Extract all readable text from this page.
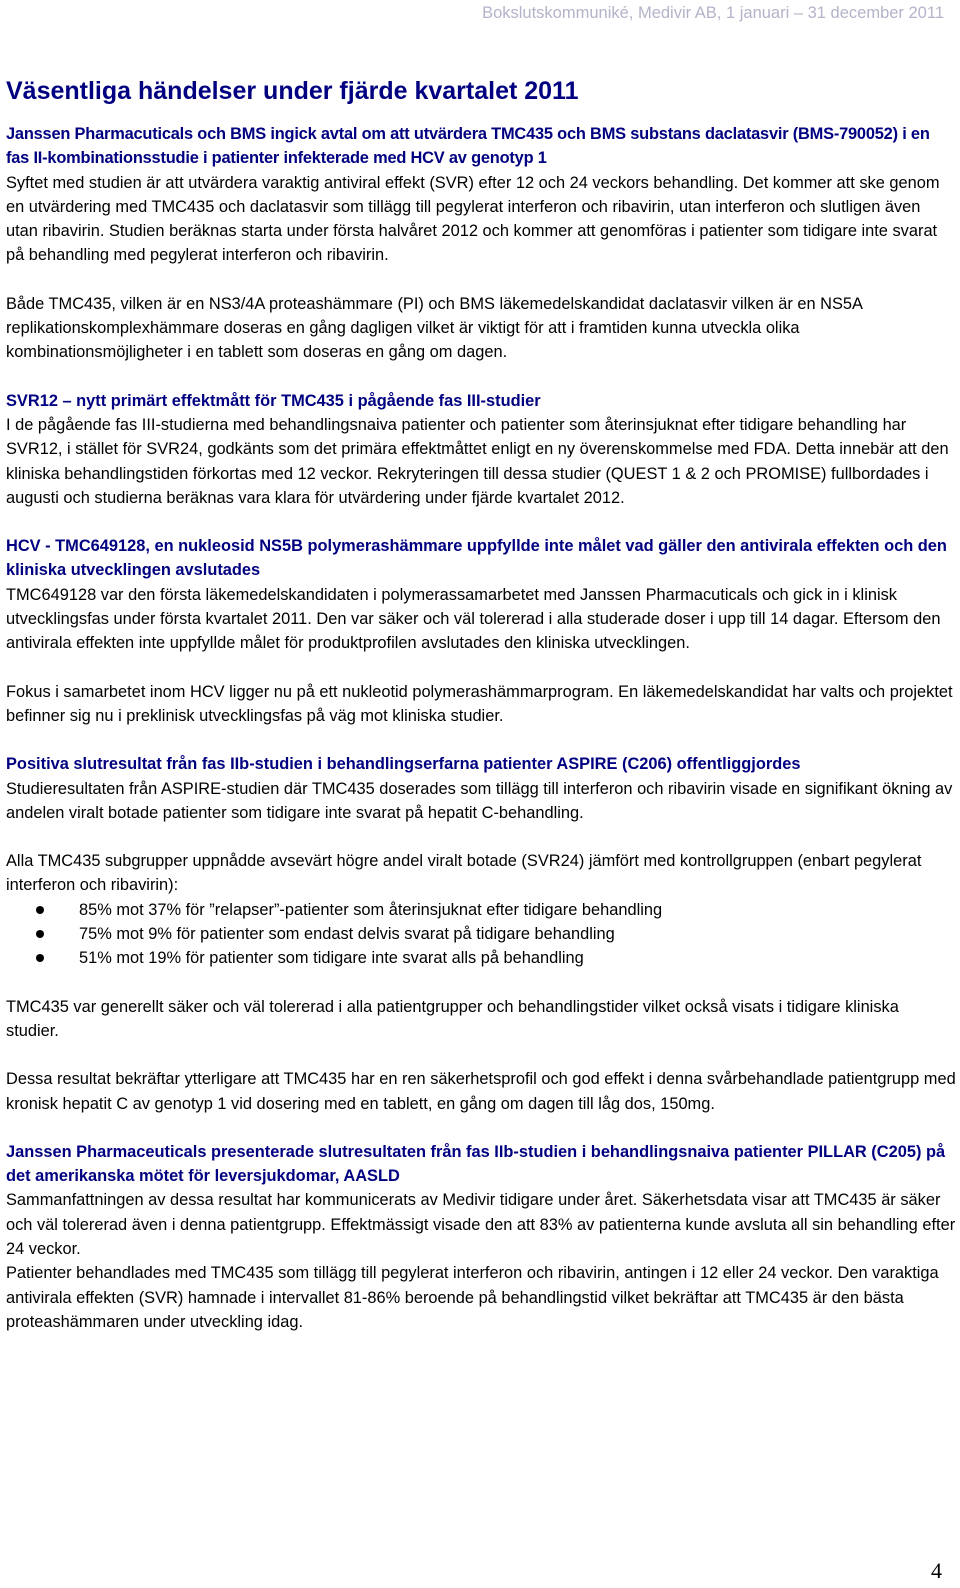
Bokslutskommuniké, Medivir AB, 1 januari – 31 december 2011
Väsentliga händelser under fjärde kvartalet 2011
Janssen Pharmacuticals och BMS ingick avtal om att utvärdera TMC435 och BMS substans daclatasvir (BMS-790052) i en fas II-kombinationsstudie i patienter infekterade med HCV av genotyp 1

Syftet med studien är att utvärdera varaktig antiviral effekt (SVR) efter 12 och 24 veckors behandling. Det kommer att ske genom en utvärdering med TMC435 och daclatasvir som tillägg till pegylerat interferon och ribavirin, utan interferon och slutligen även utan ribavirin. Studien beräknas starta under första halvåret 2012 och kommer att genomföras i patienter som tidigare inte svarat på behandling med pegylerat interferon och ribavirin.

Både TMC435, vilken är en NS3/4A proteashämmare (PI) och BMS läkemedelskandidat daclatasvir vilken är en NS5A replikationskomplexhämmare doseras en gång dagligen vilket är viktigt för att i framtiden kunna utveckla olika kombinationsmöjligheter i en tablett som doseras en gång om dagen.

SVR12 – nytt primärt effektmått för TMC435 i pågående fas III-studier

I de pågående fas III-studierna med behandlingsnaiva patienter och patienter som återinsjuknat efter tidigare behandling har SVR12, i stället för SVR24, godkänts som det primära effektmåttet enligt en ny överenskommelse med FDA. Detta innebär att den kliniska behandlingstiden förkortas med 12 veckor. Rekryteringen till dessa studier (QUEST 1 & 2 och PROMISE) fullbordades i augusti och studierna beräknas vara klara för utvärdering under fjärde kvartalet 2012.

HCV - TMC649128, en nukleosid NS5B polymerashämmare uppfyllde inte målet vad gäller den antivirala effekten och den kliniska utvecklingen avslutades

TMC649128 var den första läkemedelskandidaten i polymerassamarbetet med Janssen Pharmacuticals och gick in i klinisk utvecklingsfas under första kvartalet 2011. Den var säker och väl tolererad i alla studerade doser i upp till 14 dagar. Eftersom den antivirala effekten inte uppfyllde målet för produktprofilen avslutades den kliniska utvecklingen.

Fokus i samarbetet inom HCV ligger nu på ett nukleotid polymerashämmarprogram. En läkemedelskandidat har valts och projektet befinner sig nu i preklinisk utvecklingsfas på väg mot kliniska studier.

Positiva slutresultat från fas IIb-studien i behandlingserfarna patienter ASPIRE (C206) offentliggjordes

Studieresultaten från ASPIRE-studien där TMC435 doserades som tillägg till interferon och ribavirin visade en signifikant ökning av andelen viralt botade patienter som tidigare inte svarat på hepatit C-behandling.

Alla TMC435 subgrupper uppnådde avsevärt högre andel viralt botade (SVR24) jämfört med kontrollgruppen (enbart pegylerat interferon och ribavirin):

85% mot 37% för ”relapser”-patienter som återinsjuknat efter tidigare behandling
75% mot 9% för patienter som endast delvis svarat på tidigare behandling
51% mot 19% för patienter som tidigare inte svarat alls på behandling

TMC435 var generellt säker och väl tolererad i alla patientgrupper och behandlingstider vilket också visats i tidigare kliniska studier.

Dessa resultat bekräftar ytterligare att TMC435 har en ren säkerhetsprofil och god effekt i denna svårbehandlade patientgrupp med kronisk hepatit C av genotyp 1 vid dosering med en tablett, en gång om dagen till låg dos, 150mg.

Janssen Pharmaceuticals presenterade slutresultaten från fas IIb-studien i behandlingsnaiva patienter PILLAR (C205) på det amerikanska mötet för leversjukdomar, AASLD

Sammanfattningen av dessa resultat har kommunicerats av Medivir tidigare under året. Säkerhetsdata visar att TMC435 är säker och väl tolererad även i denna patientgrupp. Effektmässigt visade den att 83% av patienterna kunde avsluta all sin behandling efter 24 veckor.

Patienter behandlades med TMC435 som tillägg till pegylerat interferon och ribavirin, antingen i 12 eller 24 veckor. Den varaktiga antivirala effekten (SVR) hamnade i intervallet 81-86% beroende på behandlingstid vilket bekräftar att TMC435 är den bästa proteashämmaren under utveckling idag.

4
